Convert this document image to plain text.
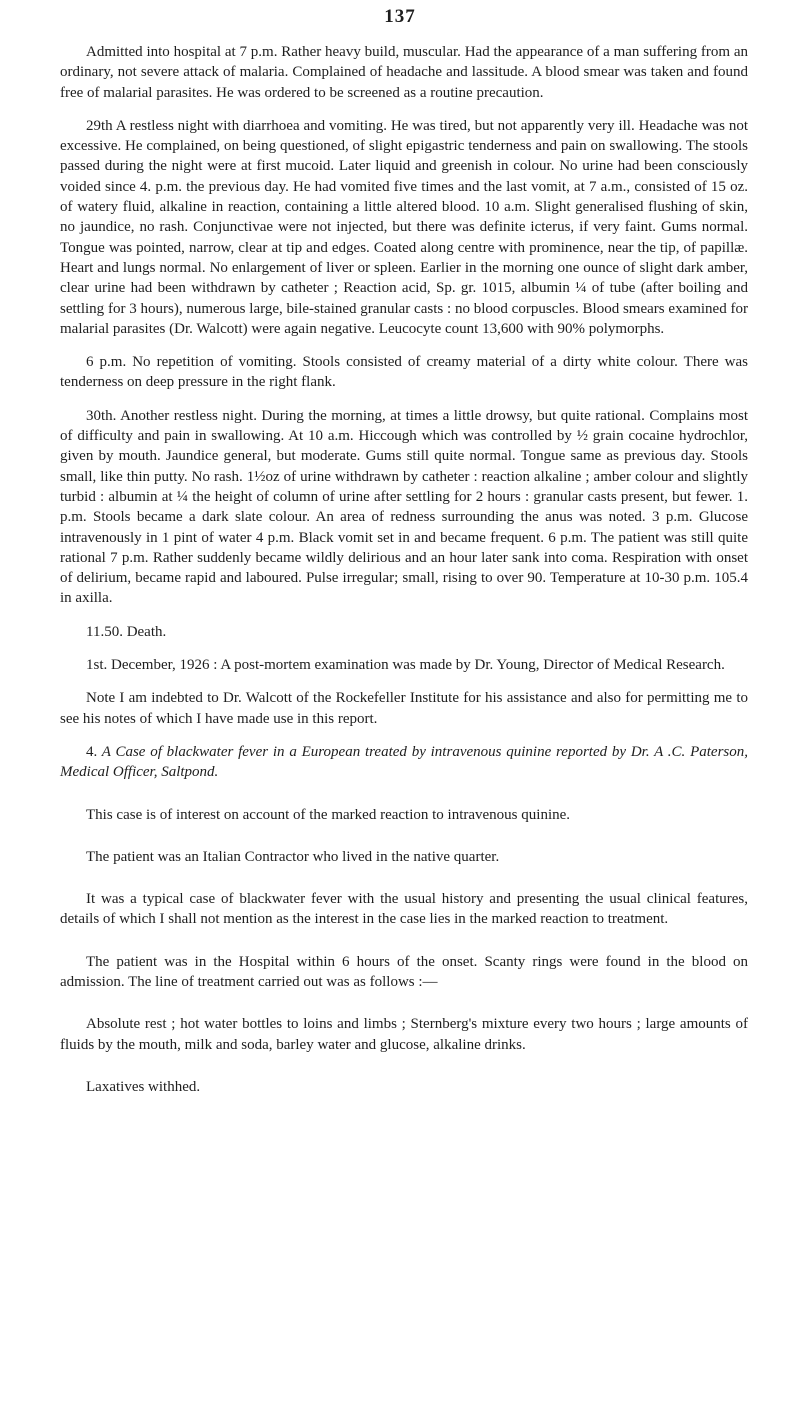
137

Admitted into hospital at 7 p.m. Rather heavy build, muscular. Had the appearance of a man suffering from an ordinary, not severe attack of malaria. Complained of headache and lassitude. A blood smear was taken and found free of malarial parasites. He was ordered to be screened as a routine precaution.

29th A restless night with diarrhoea and vomiting. He was tired, but not apparently very ill. Headache was not excessive. He complained, on being questioned, of slight epigastric tenderness and pain on swallowing. The stools passed during the night were at first mucoid. Later liquid and greenish in colour. No urine had been consciously voided since 4. p.m. the previous day. He had vomited five times and the last vomit, at 7 a.m., consisted of 15 oz. of watery fluid, alkaline in reaction, containing a little altered blood. 10 a.m. Slight generalised flushing of skin, no jaundice, no rash. Conjunctivae were not injected, but there was definite icterus, if very faint. Gums normal. Tongue was pointed, narrow, clear at tip and edges. Coated along centre with prominence, near the tip, of papillæ. Heart and lungs normal. No enlargement of liver or spleen. Earlier in the morning one ounce of slight dark amber, clear urine had been withdrawn by catheter ; Reaction acid, Sp. gr. 1015, albumin ¼ of tube (after boiling and settling for 3 hours), numerous large, bile-stained granular casts : no blood corpuscles. Blood smears examined for malarial parasites (Dr. Walcott) were again negative. Leucocyte count 13,600 with 90% polymorphs.

6 p.m. No repetition of vomiting. Stools consisted of creamy material of a dirty white colour. There was tenderness on deep pressure in the right flank.

30th. Another restless night. During the morning, at times a little drowsy, but quite rational. Complains most of difficulty and pain in swallowing. At 10 a.m. Hiccough which was controlled by ½ grain cocaine hydrochlor, given by mouth. Jaundice general, but moderate. Gums still quite normal. Tongue same as previous day. Stools small, like thin putty. No rash. 1½oz of urine withdrawn by catheter : reaction alkaline ; amber colour and slightly turbid : albumin at ¼ the height of column of urine after settling for 2 hours : granular casts present, but fewer. 1. p.m. Stools became a dark slate colour. An area of redness surrounding the anus was noted. 3 p.m. Glucose intravenously in 1 pint of water 4 p.m. Black vomit set in and became frequent. 6 p.m. The patient was still quite rational 7 p.m. Rather suddenly became wildly delirious and an hour later sank into coma. Respiration with onset of delirium, became rapid and laboured. Pulse irregular; small, rising to over 90. Temperature at 10-30 p.m. 105.4 in axilla.

11.50. Death.

1st. December, 1926 : A post-mortem examination was made by Dr. Young, Director of Medical Research.

Note I am indebted to Dr. Walcott of the Rockefeller Institute for his assistance and also for permitting me to see his notes of which I have made use in this report.

4. A Case of blackwater fever in a European treated by intravenous quinine reported by Dr. A .C. Paterson, Medical Officer, Saltpond.

This case is of interest on account of the marked reaction to intravenous quinine.

The patient was an Italian Contractor who lived in the native quarter.

It was a typical case of blackwater fever with the usual history and presenting the usual clinical features, details of which I shall not mention as the interest in the case lies in the marked reaction to treatment.

The patient was in the Hospital within 6 hours of the onset. Scanty rings were found in the blood on admission. The line of treatment carried out was as follows :—

Absolute rest ; hot water bottles to loins and limbs ; Sternberg's mixture every two hours ; large amounts of fluids by the mouth, milk and soda, barley water and glucose, alkaline drinks.

Laxatives withhed.
